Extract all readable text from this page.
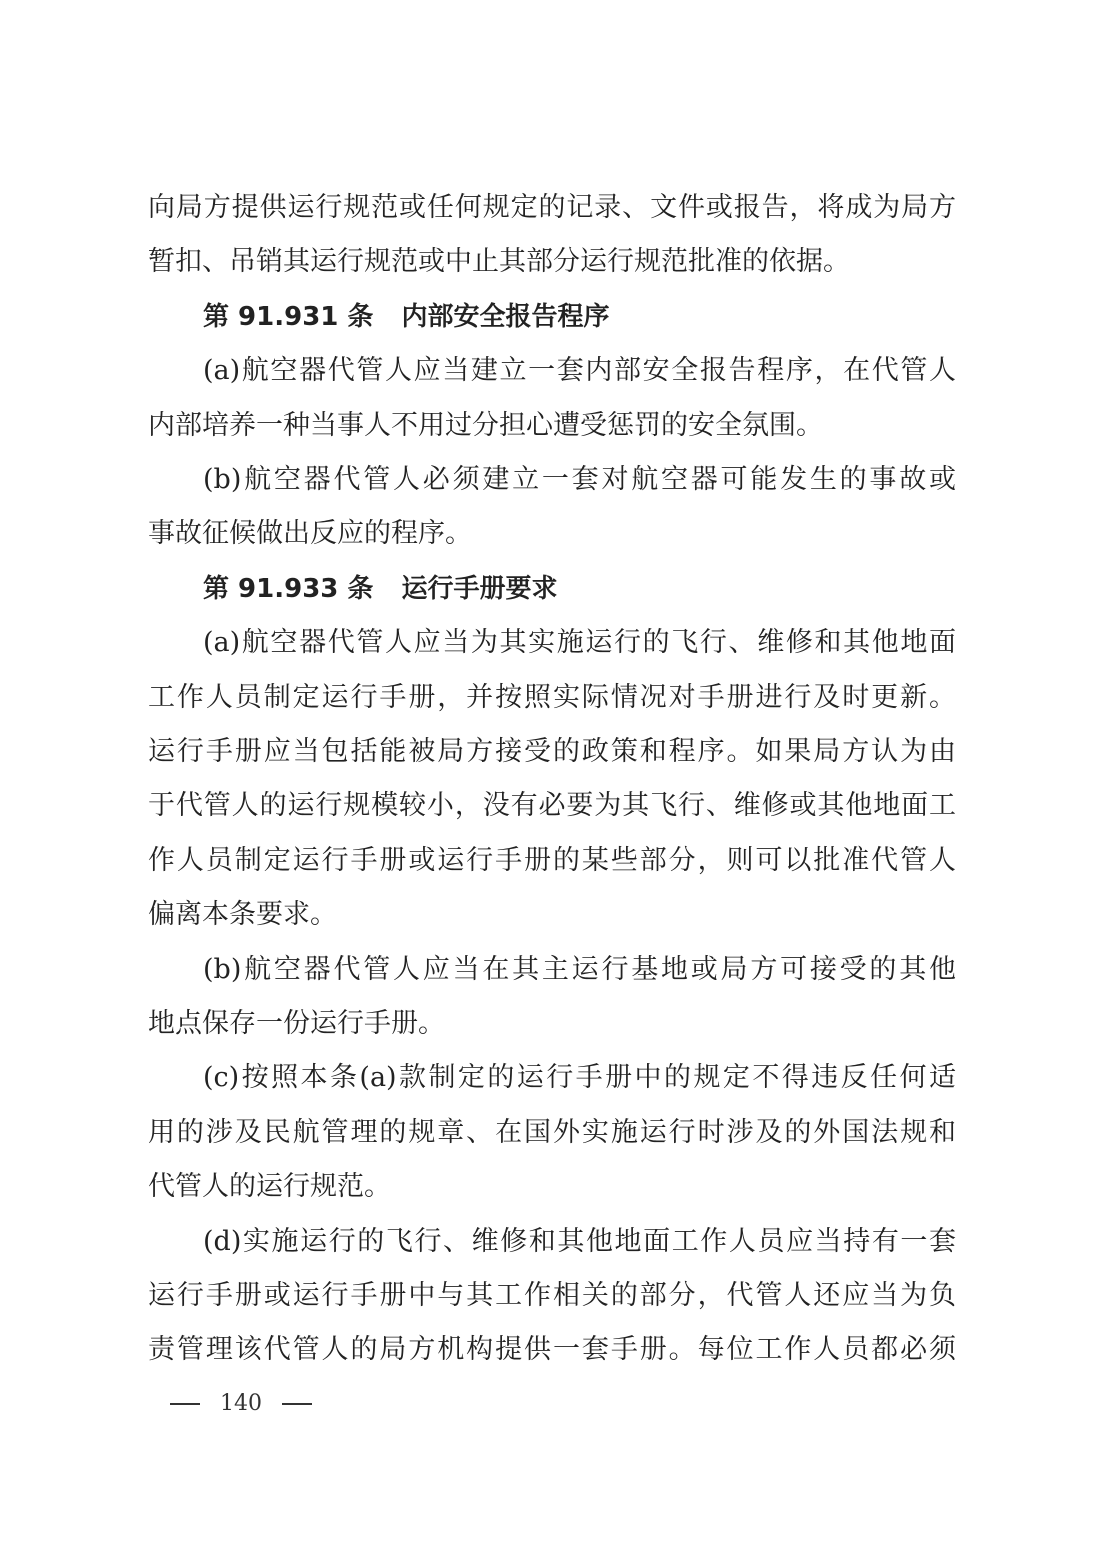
向局方提供运行规范或任何规定的记录、文件或报告，将成为局方
暂扣、吊销其运行规范或中止其部分运行规范批准的依据。
第 91.931 条 内部安全报告程序
(a)航空器代管人应当建立一套内部安全报告程序，在代管人
内部培养一种当事人不用过分担心遭受惩罚的安全氛围。
(b)航空器代管人必须建立一套对航空器可能发生的事故或
事故征候做出反应的程序。
第 91.933 条 运行手册要求
(a)航空器代管人应当为其实施运行的飞行、维修和其他地面
工作人员制定运行手册，并按照实际情况对手册进行及时更新。
运行手册应当包括能被局方接受的政策和程序。如果局方认为由
于代管人的运行规模较小，没有必要为其飞行、维修或其他地面工
作人员制定运行手册或运行手册的某些部分，则可以批准代管人
偏离本条要求。
(b)航空器代管人应当在其主运行基地或局方可接受的其他
地点保存一份运行手册。
(c)按照本条(a)款制定的运行手册中的规定不得违反任何适
用的涉及民航管理的规章、在国外实施运行时涉及的外国法规和
代管人的运行规范。
(d)实施运行的飞行、维修和其他地面工作人员应当持有一套
运行手册或运行手册中与其工作相关的部分，代管人还应当为负
责管理该代管人的局方机构提供一套手册。每位工作人员都必须
140
